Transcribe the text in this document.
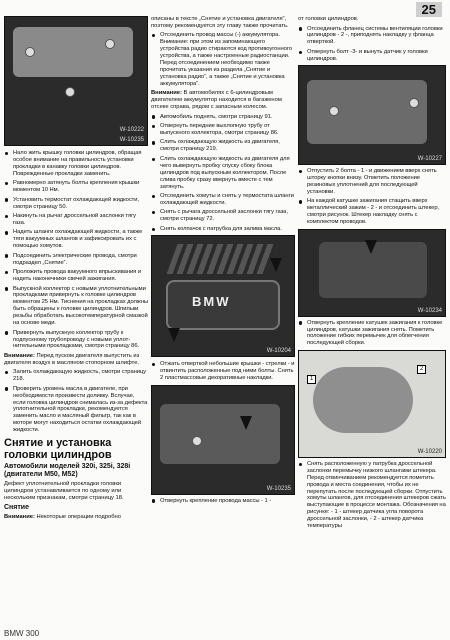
25
W-10222
W-10235
Нало жить крышку головки цилиндров, обращая особое внимание на правильность установки прокладки в канавку головки цилиндров. Поврежденные прокладки заменить.
Равномерно затянуть болты крепления крышки моментом 10 Нм.
Установить термостат охлаждающей жидкости, смотри страницу 50.
Накинуть на рычаг дроссельной заслонки тягу газа.
Надеть шланги охлаждающей жидкости, а также тяги вакуумных шлангов и зафиксировать их с помощью хомутов.
Подсоединить электрические провода, смотри подраздел „Снятие“.
Проложить провода вакуумного впрыскивания и надеть наконечники свечей зажигания.
Выпускной коллектор с новыми уплотнительными прокладками привернуть к головке цилиндров моментом 25 Нм. Тиснения на прокладках должны быть обращены к головке цилиндров. Шпильки резьбы обработать высокотемпературной смазкой на основе меди.
Привернуть выпускную коллектор трубу к подпускному трубопроводу с новыми уплотнительными прокладками, смотри страницу 86.

Внимание: Перед пуском двигателя выпустить из двигателя воздух в масляном стопорном шлифте.

Залить охлаждающую жидкость, смотри страницу 218.
Проверить уровень масла в двигателе, при необходимости произвести доливку. Вслучае, если головка цилиндров снималась из-за дефекта уплотнительной прокладки, рекомендуется заменить масло и масляный фильтр, так как в моторе могут находиться остатки охлаждающей жидкости.
Снятие и установка головки цилиндров
Автомобили моделей 320i, 325i, 328i (двигатели M50, M52)

Дефект уплотнительной прокладки головки цилиндров устанавливается по одному или нескольким признакам, смотри страницу 18.

Снятие

Внимание: Некоторые операции подробно

описаны в тексте „Снятие и установка двигателя“, поэтому рекомендуется эту главу также прочитать.

Отсоединить провод массы (-) аккумулятора. Внимание: при этом из запоминающего устройства радио стираются код противоугонного устройства, а также настроенные радиостанции. Перед отсоединением необходимо также прочитать указания из раздела „Снятие и установка радио“, а также „Снятие и установка аккумулятора“.

Внимание: В автомобилях с 6-цилиндровым двигателем аккумулятор находится в багаженом отсеке справа, рядом с запасным колесом.

Автомобиль поднять, смотри страницу 91.
Отвернуть передние выхлопную трубу от выпускного коллектора, смотри страницу 86.
Слить охлаждающую жидкость из двигателя, смотри страницу 219.
Слить охлаждающую жидкость из двигателя для чего вывернуть пробку спуску сбоку блока цилиндров под выпускным коллектором. После слива пробку сразу ввернуть вместе с тем затянуть.
Отсоединить хомуты и снять у термостата шланги охлаждающей жидкости.
Снять с рычага дроссельной заслонки тягу газа, смотри страницу 72.
Снять колпачок с патрубка для залива масла.
BMW
W-10204
Отжать отверткой небольшие крышки - стрелки - и отвинтить расположенные под ними болты. Снять 2 пластмассовые декоративные накладки.
W-10235
Отвернуть крепление провода массы - 1 -

от головки цилиндров.

Отсоединить фланец системы вентиляции головки цилиндров - 2 -, приподнять накладку у фланца отверткой.
Отвернуть болт -3- и вынуть датчик у головки цилиндров.
W-10227
Отпустить 2 болта - 1 - и движением вверх снять шторку кнопки внизу. Отметить положение резиновых уплотнений для последующей установки.
На каждой катушке зажигания стащить вверх металлический зажим - 2 - и отсоединить штекер, смотри рисунок. Штекер накладку снять с комплектом проводов.
W-10234
Отвернуть крепление катушек зажигания к головке цилиндров, катушки зажигания снять. Пометить положение гибких перемычек для облегчения последующей сборки.
1
2
W-10220
Снять расположенную у патрубка дроссельной заслонки перемычку низкого шлангами штекера. Перед отвинчиванием рекомендуется пометить провода и места соединения, чтобы их не перепутать после последующей сборки. Отпустить хомуты шлангов, для отсоединения штекеров сжать выступающие в процессе монтажа. Обозначения на рисунке: - 1 - штекер датчика угла поворота дроссельной заслонки, - 2 - штекер датчика температуры
BMW 300
